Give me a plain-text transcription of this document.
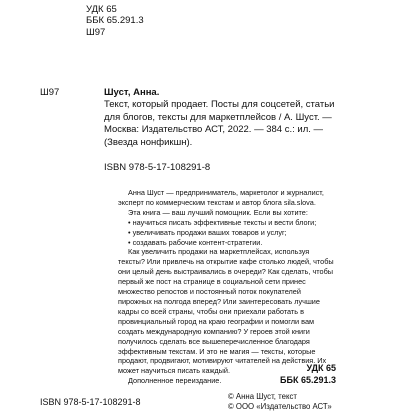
УДК 65
ББК 65.291.3
Ш97
Ш97	Шуст, Анна.
Текст, который продает. Посты для соцсетей, статьи для блогов, тексты для маркетплейсов / А. Шуст. — Москва: Издательство АСТ, 2022. — 384 с.: ил. — (Звезда нонфикшн).
ISBN 978-5-17-108291-8

Анна Шуст — предприниматель, маркетолог и журналист, эксперт по коммерческим текстам и автор блога sila.slova.

Эта книга — ваш лучший помощник. Если вы хотите:

• научиться писать эффективные тексты и вести блоги;
• увеличивать продажи ваших товаров и услуг;
• создавать рабочие контент-стратегии.

Как увеличить продажи на маркетплейсах, используя тексты? Или привлечь на открытие кафе столько людей, чтобы они целый день выстраивались в очереди? Как сделать, чтобы первый же пост на странице в социальной сети принес множество репостов и постоянный поток покупателей пирожных на полгода вперед? Или заинтересовать лучшие кадры со всей страны, чтобы они приехали работать в провинциальный город на краю географии и помогли вам создать международную компанию? У героев этой книги получилось сделать все вышеперечисленное благодаря эффективным текстам. И это не магия — тексты, которые продают, продвигают, мотивируют читателей на действия. Их может научиться писать каждый.

Дополненное переиздание.

УДК 65
ББК 65.291.3
ISBN 978-5-17-108291-8
© Анна Шуст, текст
© ООО «Издательство АСТ»
